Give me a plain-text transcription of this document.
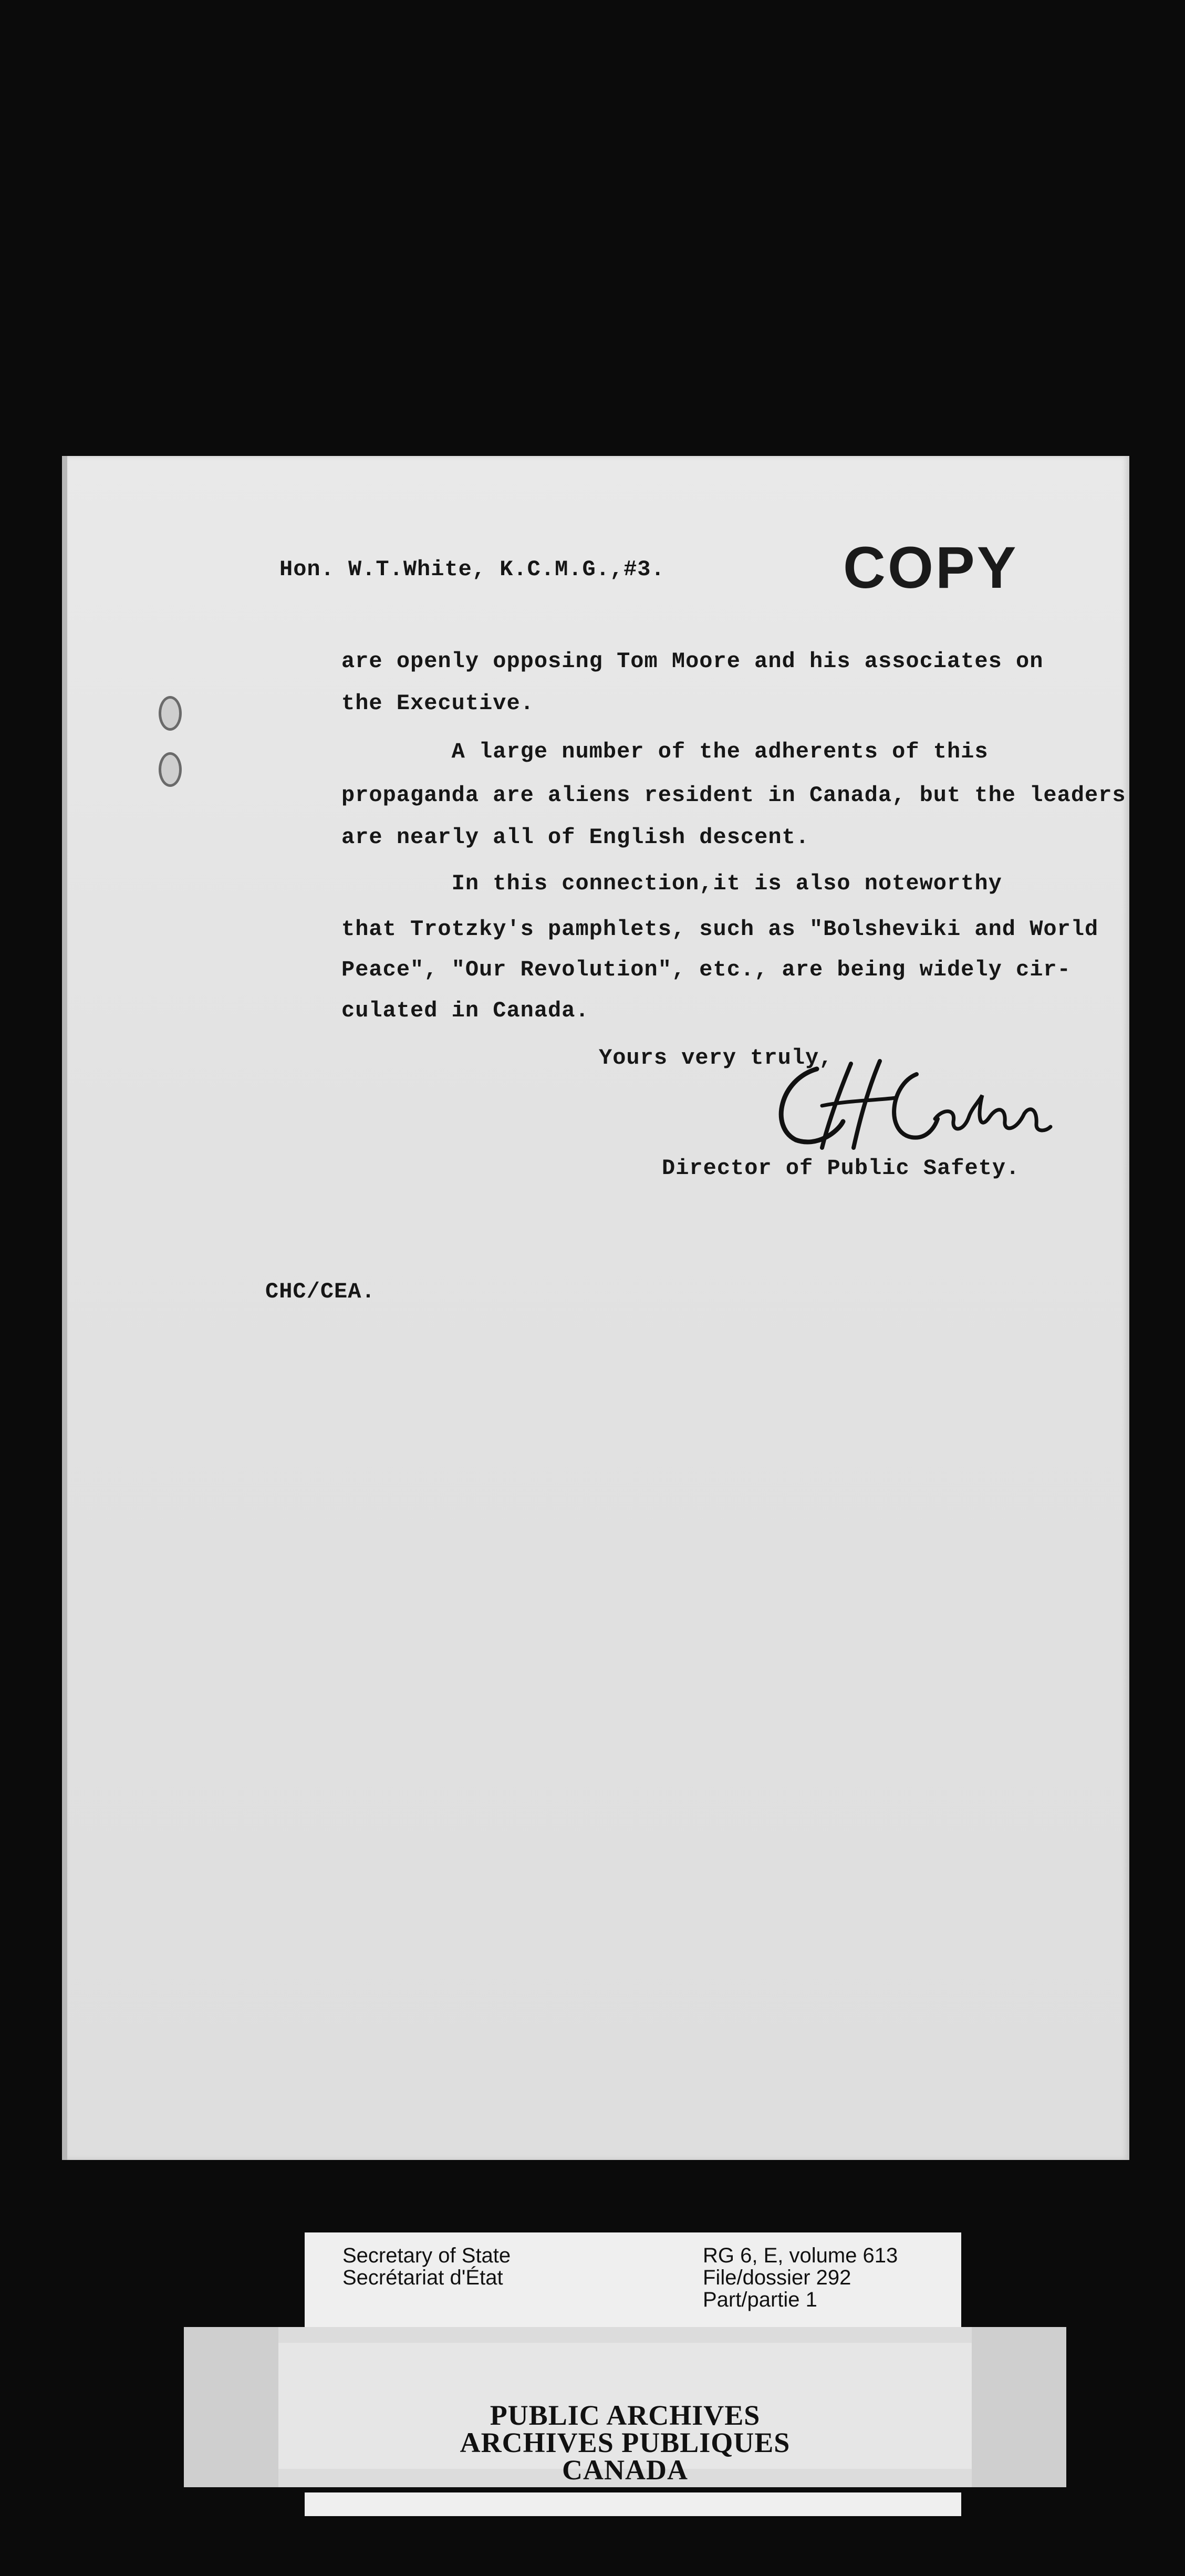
Hon. W.T.White, K.C.M.G.,#3.	COPY
are openly opposing Tom Moore and his associates on
the Executive.
A large number of the adherents of this
propaganda are aliens resident in Canada, but the leaders
are nearly all of English descent.
In this connection,it is also noteworthy
that Trotzky's pamphlets, such as "Bolsheviki and World
Peace", "Our Revolution", etc., are being widely cir-
culated in Canada.
Yours very truly,
Director of Public Safety.
CHC/CEA.
Secretary of State
Secrétariat d'État
RG 6, E, volume 613
File/dossier 292
Part/partie 1
PUBLIC ARCHIVES
ARCHIVES PUBLIQUES
CANADA
